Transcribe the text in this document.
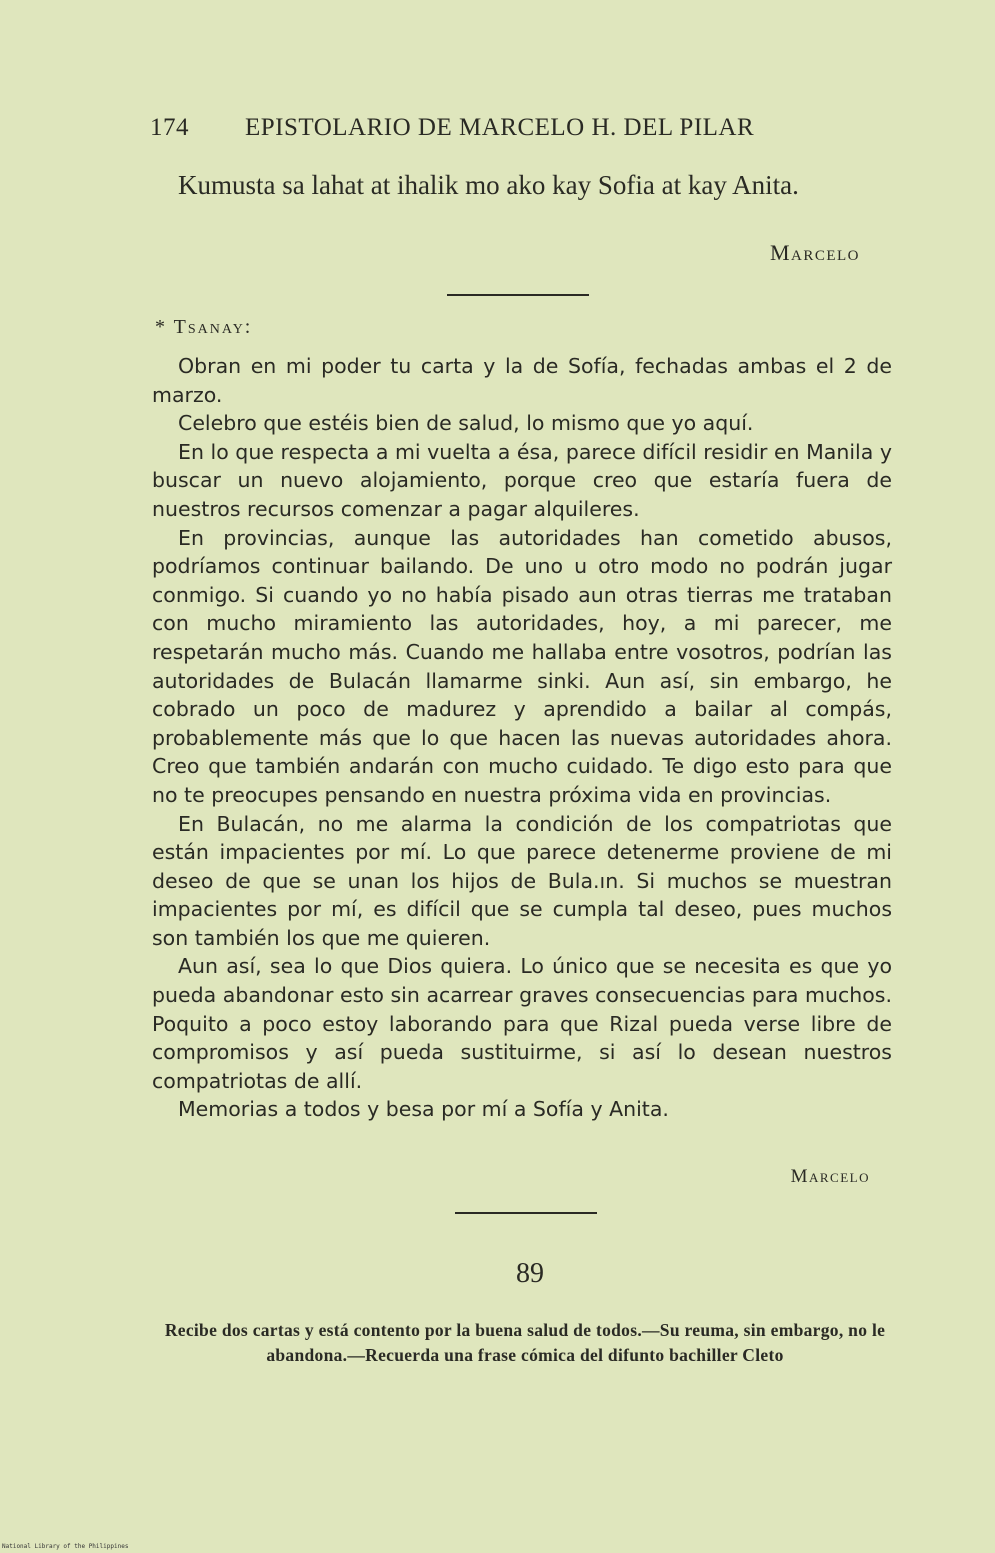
174 EPISTOLARIO DE MARCELO H. DEL PILAR
Kumusta sa lahat at ihalik mo ako kay Sofia at kay Anita.
Marcelo
* Tsanay:

Obran en mi poder tu carta y la de Sofía, fechadas ambas el 2 de marzo.

Celebro que estéis bien de salud, lo mismo que yo aquí.

En lo que respecta a mi vuelta a ésa, parece difícil residir en Manila y buscar un nuevo alojamiento, porque creo que estaría fuera de nuestros recursos comenzar a pagar alquileres.

En provincias, aunque las autoridades han cometido abusos, podríamos continuar bailando. De uno u otro modo no podrán jugar conmigo. Si cuando yo no había pisado aun otras tierras me trataban con mucho miramiento las autoridades, hoy, a mi parecer, me respetarán mucho más. Cuando me hallaba entre vosotros, podrían las autoridades de Bulacán llamarme sinki. Aun así, sin embargo, he cobrado un poco de madurez y aprendido a bailar al compás, probablemente más que lo que hacen las nuevas autoridades ahora. Creo que también andarán con mucho cuidado. Te digo esto para que no te preocupes pensando en nuestra próxima vida en provincias.

En Bulacán, no me alarma la condición de los compatriotas que están impacientes por mí. Lo que parece detenerme proviene de mi deseo de que se unan los hijos de Bula.ın. Si muchos se muestran impacientes por mí, es difícil que se cumpla tal deseo, pues muchos son también los que me quieren.

Aun así, sea lo que Dios quiera. Lo único que se necesita es que yo pueda abandonar esto sin acarrear graves consecuencias para muchos. Poquito a poco estoy laborando para que Rizal pueda verse libre de compromisos y así pueda sustituirme, si así lo desean nuestros compatriotas de allí.

Memorias a todos y besa por mí a Sofía y Anita.

Marcelo
89
Recibe dos cartas y está contento por la buena salud de todos.—Su reuma, sin embargo, no le abandona.—Recuerda una frase cómica del difunto bachiller Cleto
National Library of the Philippines
